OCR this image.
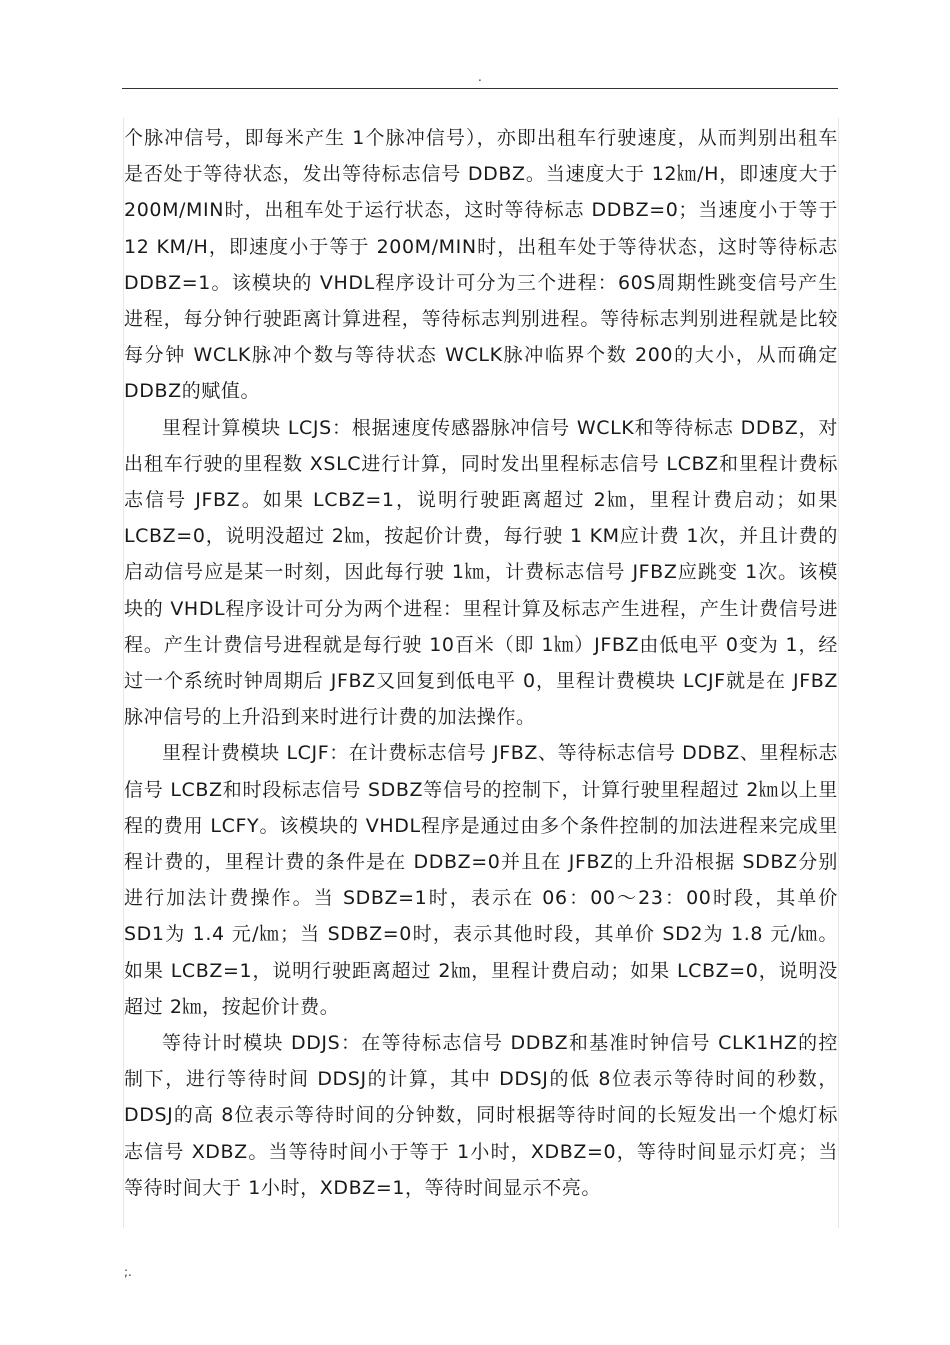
.

个脉冲信号，即每米产生 1个脉冲信号），亦即出租车行驶速度，从而判别出租车是否处于等待状态，发出等待标志信号 DDBZ。当速度大于 12㎞/H，即速度大于 200M/MIN时，出租车处于运行状态，这时等待标志 DDBZ=0；当速度小于等于 12 KM/H，即速度小于等于 200M/MIN时，出租车处于等待状态，这时等待标志 DDBZ=1。该模块的 VHDL程序设计可分为三个进程：60S周期性跳变信号产生进程，每分钟行驶距离计算进程，等待标志判别进程。等待标志判别进程就是比较每分钟 WCLK脉冲个数与等待状态 WCLK脉冲临界个数 200的大小，从而确定 DDBZ的赋值。

里程计算模块 LCJS：根据速度传感器脉冲信号 WCLK和等待标志 DDBZ，对出租车行驶的里程数 XSLC进行计算，同时发出里程标志信号 LCBZ和里程计费标志信号 JFBZ。如果 LCBZ=1，说明行驶距离超过 2㎞，里程计费启动；如果 LCBZ=0，说明没超过 2㎞，按起价计费，每行驶 1 KM应计费 1次，并且计费的启动信号应是某一时刻，因此每行驶 1㎞，计费标志信号 JFBZ应跳变 1次。该模块的 VHDL程序设计可分为两个进程：里程计算及标志产生进程，产生计费信号进程。产生计费信号进程就是每行驶 10百米（即 1㎞）JFBZ由低电平 0变为 1，经过一个系统时钟周期后 JFBZ又回复到低电平 0，里程计费模块 LCJF就是在 JFBZ脉冲信号的上升沿到来时进行计费的加法操作。

里程计费模块 LCJF：在计费标志信号 JFBZ、等待标志信号 DDBZ、里程标志信号 LCBZ和时段标志信号 SDBZ等信号的控制下，计算行驶里程超过 2㎞以上里程的费用 LCFY。该模块的 VHDL程序是通过由多个条件控制的加法进程来完成里程计费的，里程计费的条件是在 DDBZ=0并且在 JFBZ的上升沿根据 SDBZ分别进行加法计费操作。当 SDBZ=1时，表示在 06：00～23：00时段，其单价 SD1为 1.4 元/㎞；当 SDBZ=0时，表示其他时段，其单价 SD2为 1.8 元/㎞。如果 LCBZ=1，说明行驶距离超过 2㎞，里程计费启动；如果 LCBZ=0，说明没超过 2㎞，按起价计费。

等待计时模块 DDJS：在等待标志信号 DDBZ和基准时钟信号 CLK1HZ的控制下，进行等待时间 DDSJ的计算，其中 DDSJ的低 8位表示等待时间的秒数，DDSJ的高 8位表示等待时间的分钟数，同时根据等待时间的长短发出一个熄灯标志信号 XDBZ。当等待时间小于等于 1小时，XDBZ=0，等待时间显示灯亮；当等待时间大于 1小时，XDBZ=1，等待时间显示不亮。

;.
